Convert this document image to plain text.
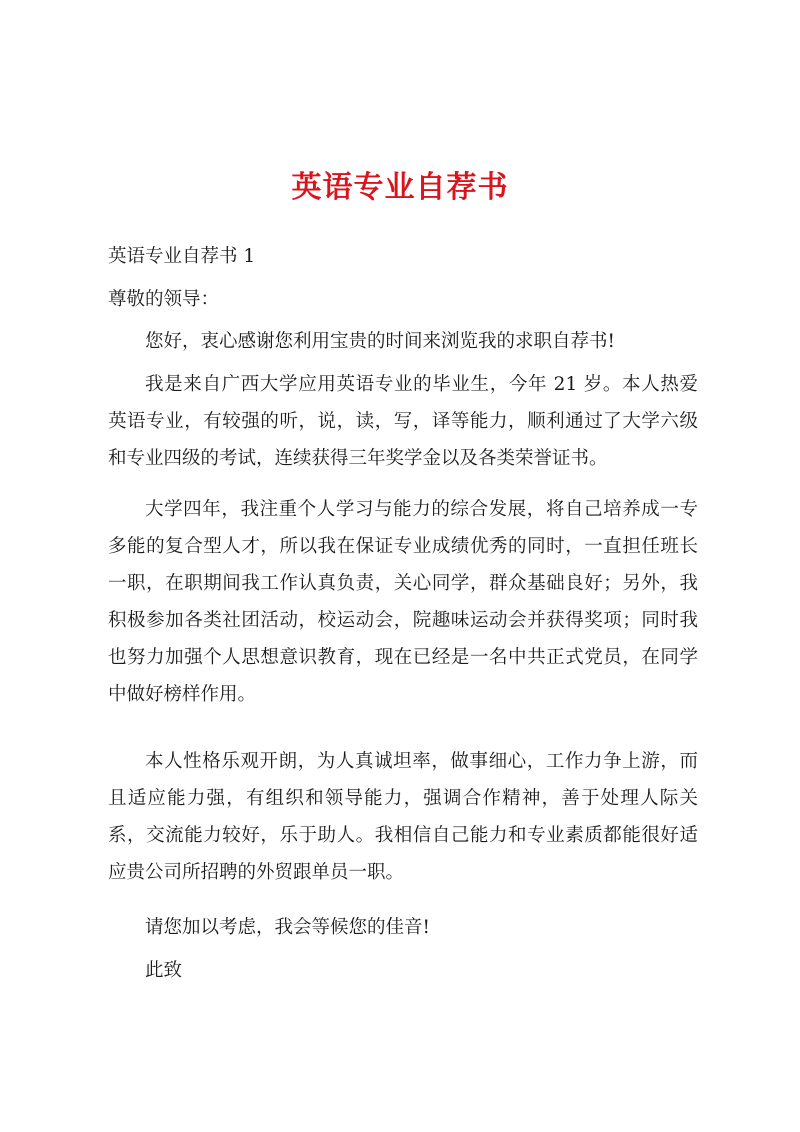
英语专业自荐书
英语专业自荐书 1
尊敬的领导：
您好，衷心感谢您利用宝贵的时间来浏览我的求职自荐书!
我是来自广西大学应用英语专业的毕业生，今年 21 岁。本人热爱英语专业，有较强的听，说，读，写，译等能力，顺利通过了大学六级和专业四级的考试，连续获得三年奖学金以及各类荣誉证书。
大学四年，我注重个人学习与能力的综合发展，将自己培养成一专多能的复合型人才，所以我在保证专业成绩优秀的同时，一直担任班长一职，在职期间我工作认真负责，关心同学，群众基础良好；另外，我积极参加各类社团活动，校运动会，院趣味运动会并获得奖项；同时我也努力加强个人思想意识教育，现在已经是一名中共正式党员，在同学中做好榜样作用。
本人性格乐观开朗，为人真诚坦率，做事细心，工作力争上游，而且适应能力强，有组织和领导能力，强调合作精神，善于处理人际关系，交流能力较好，乐于助人。我相信自己能力和专业素质都能很好适应贵公司所招聘的外贸跟单员一职。
请您加以考虑，我会等候您的佳音!
此致
